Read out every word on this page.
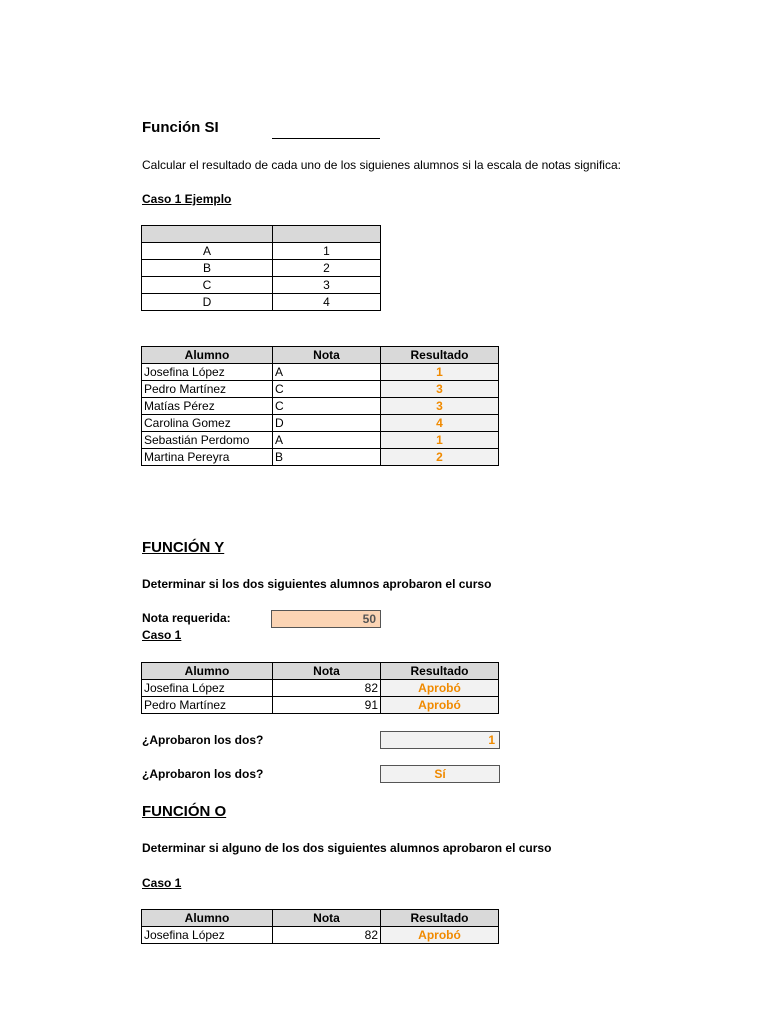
Función SI
Calcular el resultado de cada uno de los siguienes alumnos si la escala de notas significa:
Caso 1 Ejemplo

A	1
B	2
C	3
D	4
Alumno	Nota	Resultado
Josefina López	A	1
Pedro Martínez	C	3
Matías Pérez	C	3
Carolina Gomez	D	4
Sebastián Perdomo	A	1
Martina Pereyra	B	2
FUNCIÓN Y
Determinar si los dos siguientes alumnos aprobaron el curso
Nota requerida:	50
Caso 1
Alumno	Nota	Resultado
Josefina López	82	Aprobó
Pedro Martínez	91	Aprobó
¿Aprobaron los dos?	1
¿Aprobaron los dos?	Sí
FUNCIÓN O
Determinar si alguno de los dos siguientes alumnos aprobaron el curso
Caso 1
Alumno	Nota	Resultado
Josefina López	82	Aprobó
